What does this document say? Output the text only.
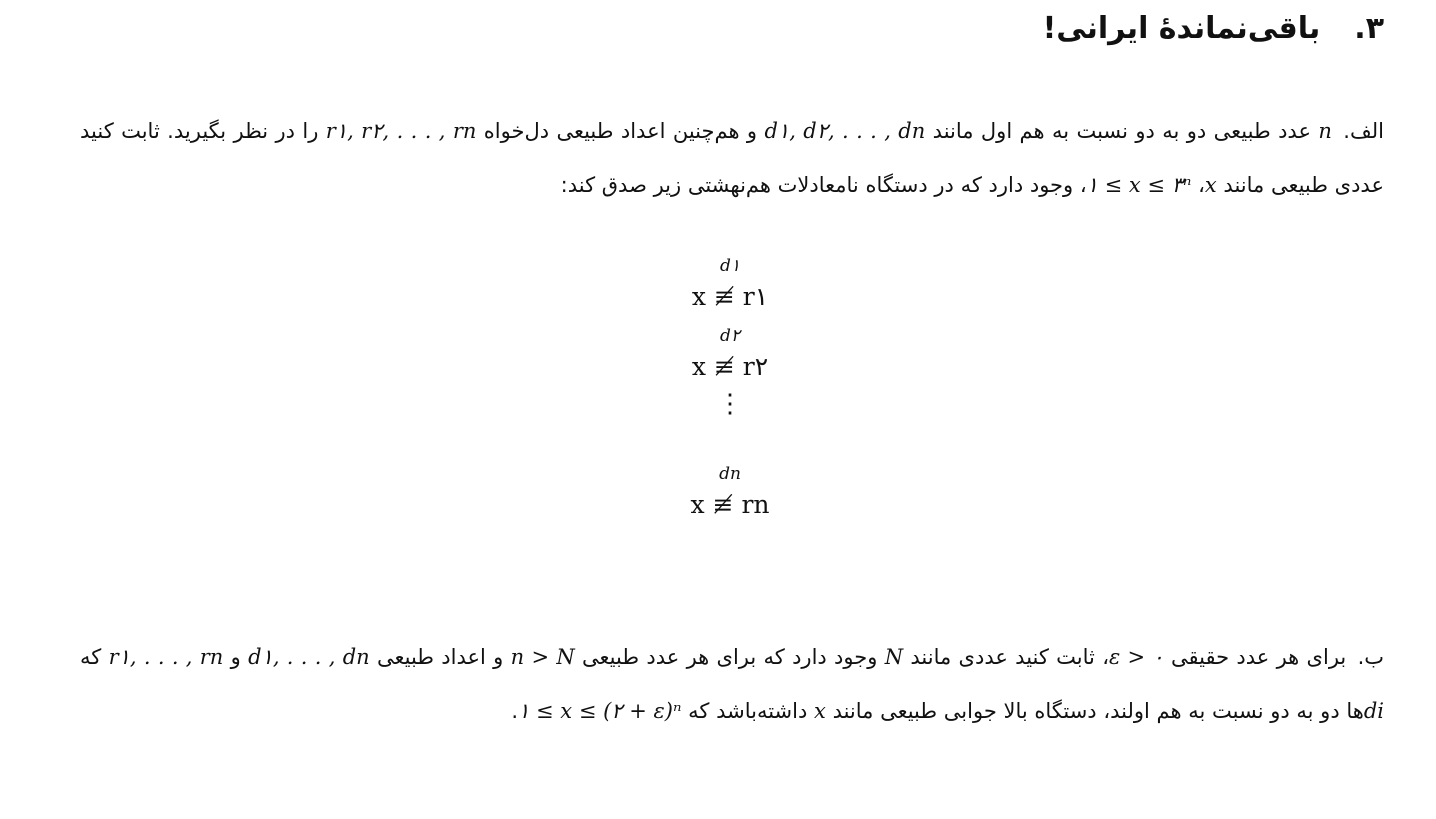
۳.
باقی‌نمانده‌ٔ ایرانی!

الف. n عدد طبیعی دو به دو نسبت به هم اول مانند d۱, d۲, . . . , dn و هم‌چنین اعداد طبیعی دل‌خواه r۱, r۲, . . . , rn را در نظر بگیرید. ثابت کنید عددی طبیعی مانند x، ۱ ≤ x ≤ ۳ⁿ، وجود دارد که در دستگاه نامعادلات هم‌نهشتی زیر صدق کند:

d۱
x ≢ r۱
d۲
x ≢ r۲
⋮
dn
x ≢ rn

ب. برای هر عدد حقیقی ε > ۰، ثابت کنید عددی مانند N وجود دارد که برای هر عدد طبیعی n > N و اعداد طبیعی d۱, . . . , dn و r۱, . . . , rn که diها دو به دو نسبت به هم اولند، دستگاه بالا جوابی طبیعی مانند x داشته‌باشد که ۱ ≤ x ≤ (۲ + ε)ⁿ.
